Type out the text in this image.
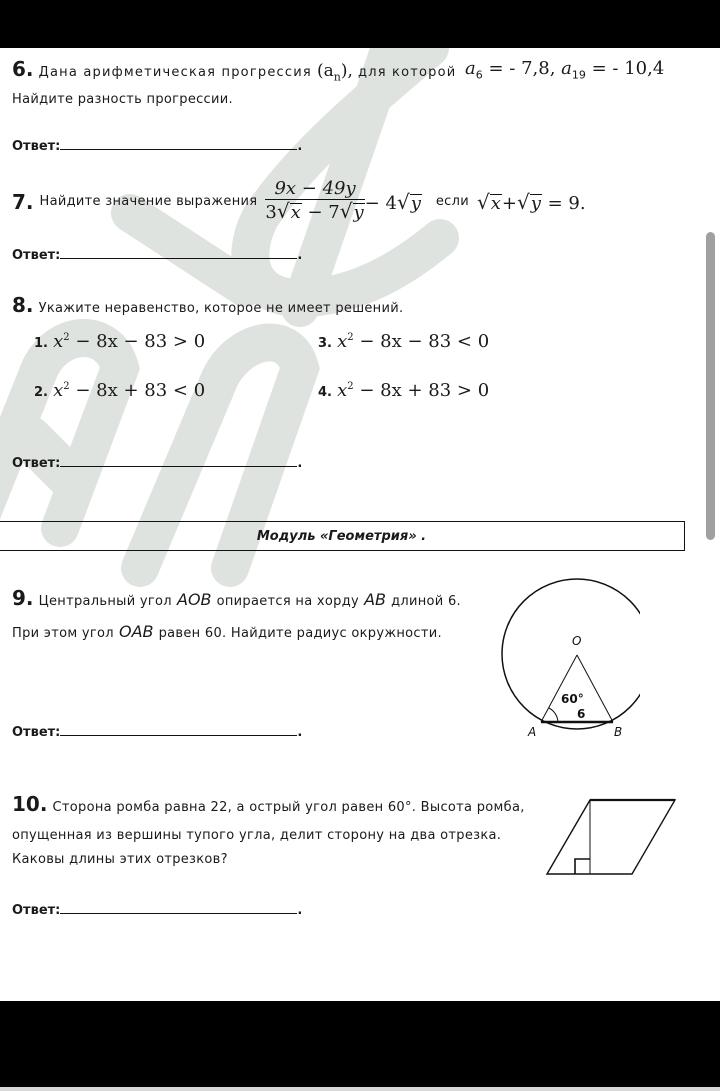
6. Дана арифметическая прогрессия $(a_n)$, для которой $a_6$ = - 7,8, $a_{19}$ = - 10,4
Найдите разность прогрессии.
Ответ:	.
7. Найдите значение выражения $\frac{9x - 49y}{3√x - 7√y} - 4√y$ если √x+√y = 9.
Ответ:	.
8. Укажите неравенство, которое не имеет решений.
1. $x^2 - 8x - 83 > 0$
2. $x^2 - 8x + 83 < 0$
3. $x^2 - 8x - 83 < 0$
4. $x^2 - 8x + 83 > 0$
Ответ:	.
Модуль «Геометрия» .
9. Центральный угол AOB опирается на хорду AB длиной 6.
При этом угол OAB равен 60. Найдите радиус окружности.	O
A	B
60°
6
Ответ:	.
10. Сторона ромба равна 22, а острый угол равен 60°. Высота ромба,
опущенная из вершины тупого угла, делит сторону на два отрезка.
Каковы длины этих отрезков?
Ответ:	.
